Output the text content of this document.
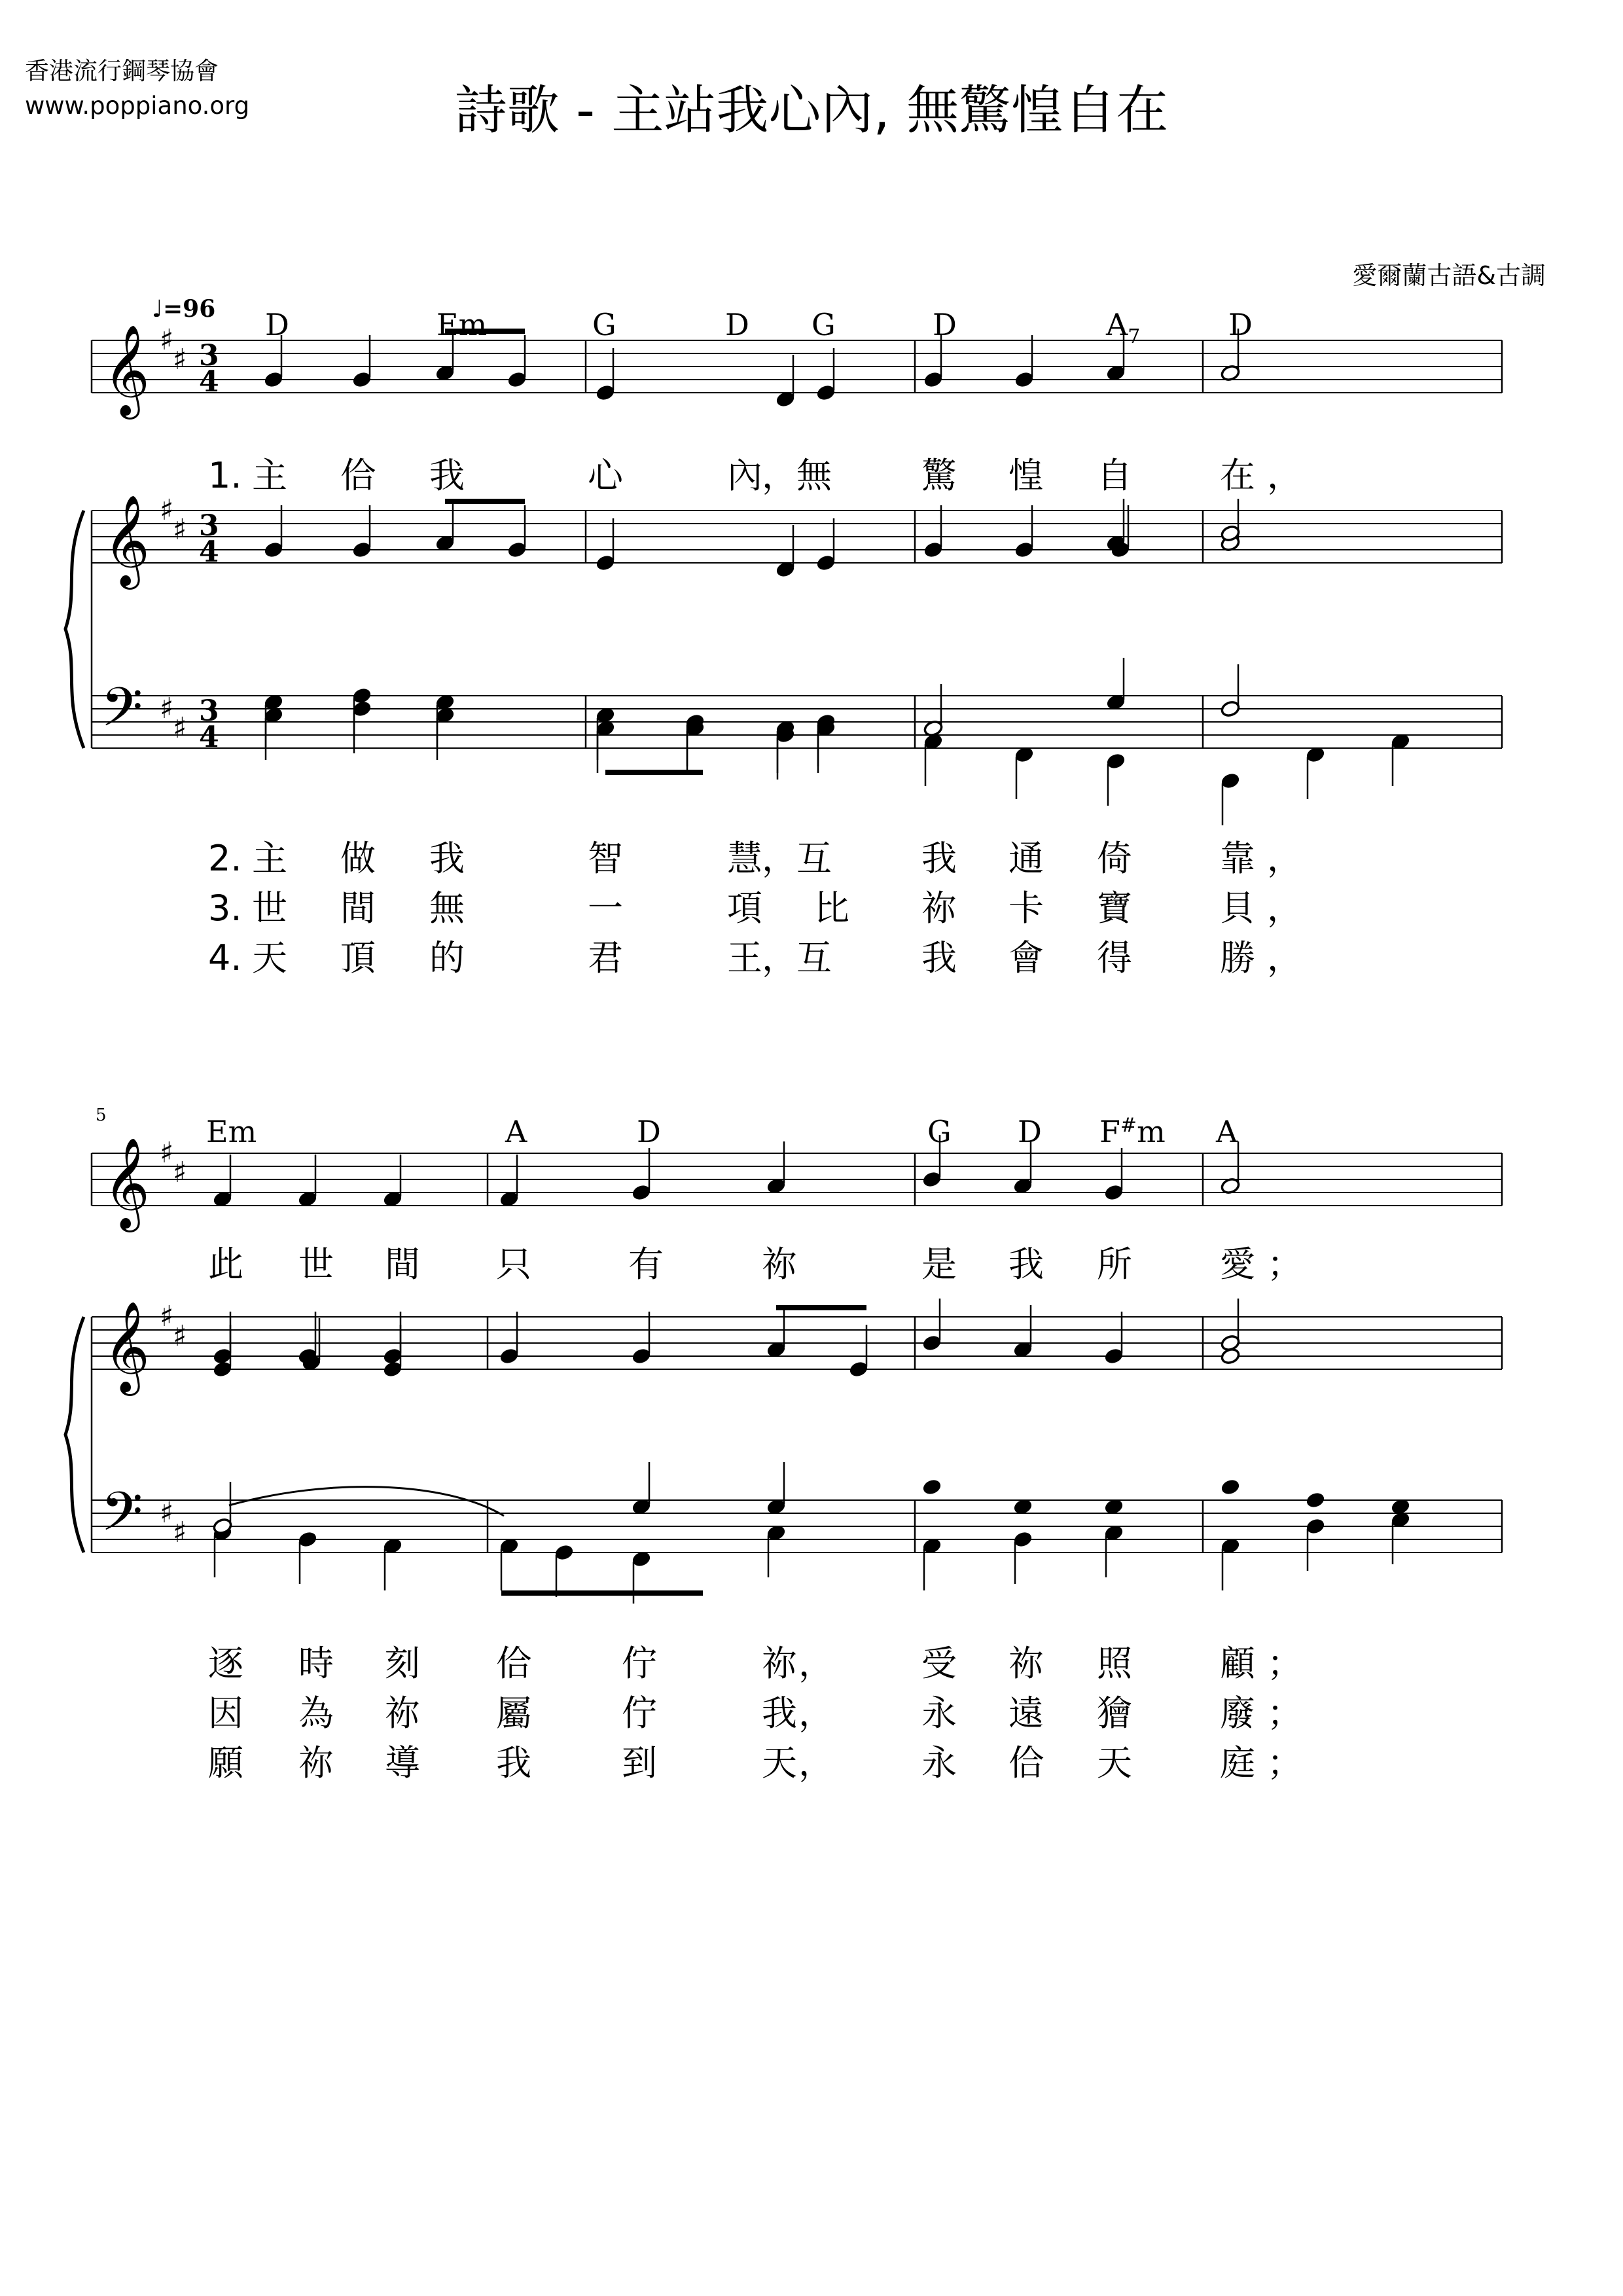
香港流行鋼琴協會
www.poppiano.org	詩歌 - 主站我心內, 無驚惶自在
愛爾蘭古語&古調
𝄞 ♯
♯ 3
4
𝄞 ♯
♯ 3
4
𝄢 ♯
♯
3
4
♩=96
𝄞 ♯
♯
𝄞 ♯
♯
𝄢 ♯
♯
5
D	Em	G	D G	D	$A_7$	D
Em	A	D	G D F#m A
1. 主 佮 我	心	內 ， 無	驚 惶 自 在 ，
2. 主 做 我	智	慧 ， 互	我 通 倚 靠 ，
3. 世 間 無	一	項 比 祢 卡 寶 貝 ，
4. 天 頂 的	君	王 ， 互	我 會 得 勝 ，
此 世 間 只	有	祢	是 我 所 愛 ；
逐 時 刻 佮	佇	祢 ， 受 祢 照 顧 ；
因 為 祢 屬	佇	我 ， 永 遠 獪 廢 ；
願 祢 導 我	到	天 ， 永 佮 天 庭 ；
